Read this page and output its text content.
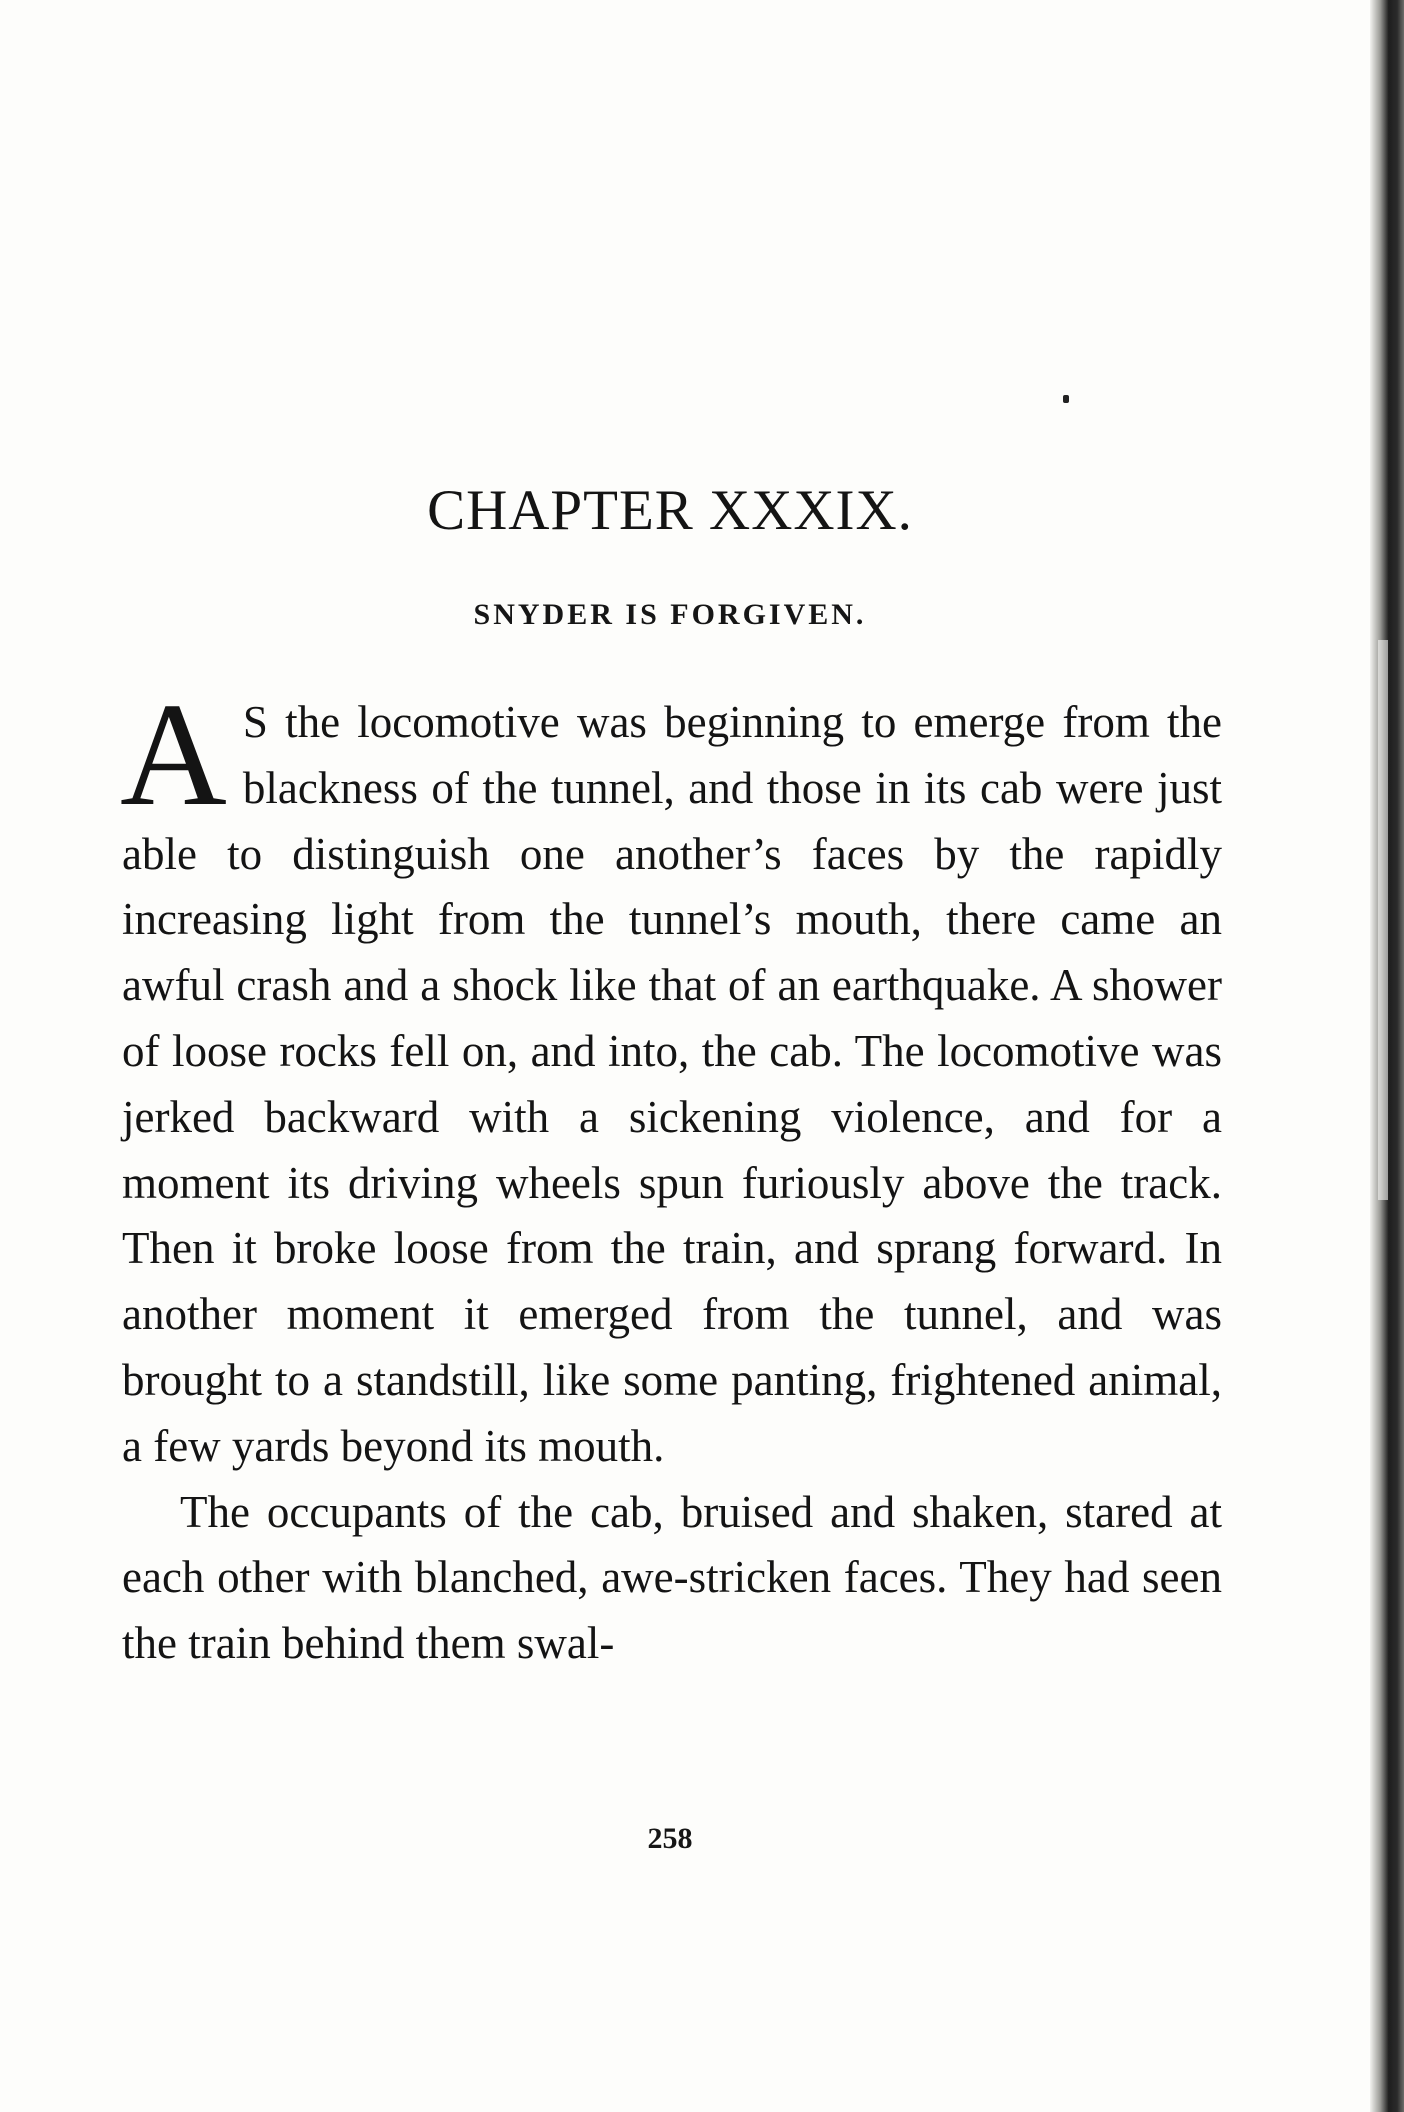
CHAPTER XXXIX.
SNYDER IS FORGIVEN.

A S the locomotive was beginning to emerge from the blackness of the tunnel, and those in its cab were just able to distinguish one another’s faces by the rapidly increasing light from the tunnel’s mouth, there came an awful crash and a shock like that of an earthquake. A shower of loose rocks fell on, and into, the cab. The locomotive was jerked backward with a sickening violence, and for a moment its driving wheels spun furiously above the track. Then it broke loose from the train, and sprang forward. In another moment it emerged from the tunnel, and was brought to a standstill, like some panting, frightened animal, a few yards beyond its mouth.

The occupants of the cab, bruised and shaken, stared at each other with blanched, awe-stricken faces. They had seen the train behind them swal-

258
